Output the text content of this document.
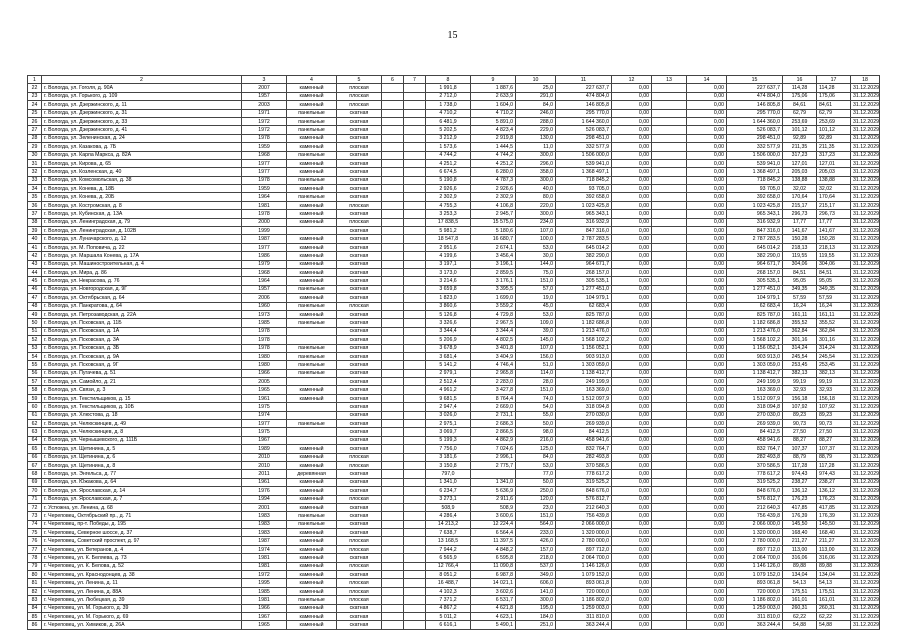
15
1	2	3	4	5	6	7	8	9	10	11	12	13	14	15	16	17	18
22	г. Вологда, ул. Гоголя, д. 90А	2007	каменный	плоская			1 991,8	1 887,6	25,0	227 637,7	0,00		0,00	227 637,7	114,28	114,28	31.12.2029
23	г. Вологда, ул. Горького, д. 109	1957	каменный	плоская			2 712,0	2 633,9	291,0	474 804,0	0,00		0,00	474 804,0	175,06	175,06	31.12.2029
24	г. Вологда, ул. Дзержинского, д. 11	2003	каменный	плоская			1 738,0	1 604,0	84,0	146 805,8	0,00		0,00	146 805,8	84,61	84,61	31.12.2029
25	г. Вологда, ул. Дзержинского, д. 31	1971	панельные	скатная			4 710,2	4 710,2	246,0	295 770,0	0,00		0,00	295 770,0	62,79	62,79	31.12.2029
26	г. Вологда, ул. Дзержинского, д. 33	1972	панельные	скатная			6 481,9	5 891,0	288,0	1 644 360,0	0,00		0,00	1 644 360,0	253,69	253,69	31.12.2029
27	г. Вологда, ул. Дзержинского, д. 41	1972	панельные	скатная			5 202,5	4 823,4	229,0	526 083,7	0,00		0,00	526 083,7	101,12	101,12	31.12.2029
28	г. Вологда, ул. Зеленинская, д. 24	1978	каменный	скатная			3 212,9	2 919,8	130,0	298 451,0	0,00		0,00	298 451,0	92,89	92,89	31.12.2029
29	г. Вологда, ул. Казакова, д. 7Б	1959	каменный	скатная			1 573,6	1 444,5	11,0	332 577,9	0,00		0,00	332 577,9	211,35	211,35	31.12.2029
30	г. Вологда, ул. Карла Маркса, д. 82А	1968	панельные	скатная			4 744,2	4 744,2	300,0	1 506 000,0	0,00		0,00	1 506 000,0	317,23	317,23	31.12.2029
31	г. Вологда, ул. Кирова, д. 65	1977	каменный	скатная			4 251,2	4 251,2	296,0	539 941,0	0,00		0,00	539 941,0	127,01	127,01	31.12.2029
32	г. Вологда, ул. Козленская, д. 40	1977	каменный	скатная			6 674,5	6 280,0	358,0	1 368 497,1	0,00		0,00	1 368 497,1	205,03	205,03	31.12.2029
33	г. Вологда, ул. Комсомольская, д. 38	1978	панельные	скатная			5 190,8	4 787,3	300,0	718 845,2	0,00		0,00	718 845,2	138,88	138,88	31.12.2029
34	г. Вологда, ул. Конева, д. 18Б	1959	каменный	скатная			2 926,6	2 926,6	40,0	93 705,0	0,00		0,00	93 705,0	32,02	32,02	31.12.2029
35	г. Вологда, ул. Конева, д. 20Б	1964	панельные	скатная			2 302,9	2 302,9	80,0	392 658,0	0,00		0,00	392 658,0	170,64	170,64	31.12.2029
36	г. Вологда, ул. Костромская, д. 8	1981	каменный	плоская			4 755,3	4 106,8	220,0	1 023 425,8	0,00		0,00	1 023 425,8	215,17	215,17	31.12.2029
37	г. Вологда, ул. Кубинская, д. 13А	1978	каменный	скатная			3 253,3	2 945,7	300,0	965 343,1	0,00		0,00	965 343,1	296,73	296,73	31.12.2029
38	г. Вологда, ул. Ленинградская, д. 79	2000	каменный	плоская			17 838,5	15 575,0	234,0	316 932,9	0,00		0,00	316 932,9	17,77	17,77	31.12.2029
39	г. Вологда, ул. Ленинградская, д. 102В	1999		скатная			5 981,2	5 180,6	107,0	847 316,0	0,00		0,00	847 316,0	141,67	141,67	31.12.2029
40	г. Вологда, ул. Луначарского, д. 12	1987	каменный	скатная			18 547,8	16 680,7	100,0	2 787 283,5	0,00		0,00	2 787 283,5	150,28	150,28	31.12.2029
41	г. Вологда, ул. М. Поповича, д. 22	1977	каменный	скатная			2 951,6	2 674,1	53,0	645 014,2	0,00		0,00	645 014,2	218,13	218,13	31.12.2029
42	г. Вологда, ул. Маршала Конева, д. 17А	1986	каменный	скатная			4 199,6	3 456,4	30,0	382 290,0	0,00		0,00	382 290,0	119,55	119,55	31.12.2029
43	г. Вологда, ул. Машиностроительная, д. 4	1979	каменный	скатная			3 197,1	3 196,1	144,0	964 671,7	0,00		0,00	964 671,7	304,06	304,06	31.12.2029
44	г. Вологда, ул. Мира, д. 86	1968	каменный	скатная			3 173,0	2 859,5	75,0	268 157,0	0,00		0,00	268 157,0	84,51	84,51	31.12.2029
45	г. Вологда, ул. Некрасова, д. 76	1964	каменный	скатная			3 214,6	3 176,1	151,0	305 535,1	0,00		0,00	305 535,1	95,05	95,05	31.12.2029
46	г. Вологда, ул. Новгородская, д. 9Г	1957	панельные	скатная			3 659,8	3 395,5	57,0	1 277 451,0	0,00		0,00	1 277 451,0	349,35	349,35	31.12.2029
47	г. Вологда, ул. Октябрьская, д. 64	2006	каменный	скатная			1 823,0	1 699,0	19,0	104 979,1	0,00		0,00	104 979,1	57,59	57,59	31.12.2029
48	г. Вологда, ул. Панкратова, д. 64	1960	панельные	плоская			3 860,6	3 559,2	45,0	62 683,4	0,00		0,00	62 683,4	16,24	16,24	31.12.2029
49	г. Вологда, ул. Петрозаводская, д. 22А	1973	каменный	скатная			5 126,8	4 729,8	53,0	825 787,0	0,00		0,00	825 787,0	161,11	161,11	31.12.2029
50	г. Вологда, ул. Псковская, д. 11Б	1985	панельные	скатная			3 326,6	2 967,5	109,0	1 182 686,8	0,00		0,00	1 182 686,8	355,52	355,52	31.12.2029
51	г. Вологда, ул. Псковская, д. 1А	1978		скатная			3 344,4	3 344,4	39,0	1 213 476,0	0,00		0,00	1 213 476,0	362,84	362,84	31.12.2029
52	г. Вологда, ул. Псковская, д. 3А	1978		скатная			5 206,9	4 802,5	145,0	1 568 102,2	0,00		0,00	1 568 102,2	301,16	301,16	31.12.2029
53	г. Вологда, ул. Псковская, д. 3Б	1978	панельные	скатная			3 678,9	3 401,8	107,0	1 156 052,1	0,00		0,00	1 156 052,1	314,24	314,24	31.12.2029
54	г. Вологда, ул. Псковская, д. 9А	1980	панельные	скатная			3 681,4	3 404,9	156,0	903 913,0	0,00		0,00	903 913,0	245,54	245,54	31.12.2029
55	г. Вологда, ул. Псковская, д. 9Г	1980	панельные	скатная			5 141,2	4 746,4	51,0	1 303 059,0	0,00		0,00	1 303 059,0	253,45	253,45	31.12.2029
56	г. Вологда, ул. Пугачева, д. 51	1966	панельные	скатная			2 979,1	2 965,8	114,0	1 138 412,7	0,00		0,00	1 138 412,7	382,13	382,13	31.12.2029
57	г. Вологда, ул. Самойло, д. 21	2005		скатная			2 512,4	2 283,0	28,0	249 199,9	0,00		0,00	249 199,9	99,19	99,19	31.12.2029
58	г. Вологда, ул. Связи, д. 3	1965	каменный	скатная			4 961,2	3 427,8	151,0	163 369,0	0,00		0,00	163 369,0	32,93	32,93	31.12.2029
59	г. Вологда, ул. Текстильщиков, д. 15	1961	каменный	скатная			9 681,5	8 764,4	74,0	1 512 097,9	0,00		0,00	1 512 097,9	156,18	156,18	31.12.2029
60	г. Вологда, ул. Текстильщиков, д. 10Б	1975		скатная			2 947,4	2 669,0	54,0	318 094,8	0,00		0,00	318 094,8	107,92	107,92	31.12.2029
61	г. Вологда, ул. Хлюстова, д. 18	1974		скатная			3 026,0	2 731,1	55,0	270 030,0	0,00		0,00	270 030,0	89,23	89,23	31.12.2029
62	г. Вологда, ул. Челюскинцев, д. 49	1977	панельные	скатная			2 975,1	2 686,3	50,0	269 939,0	0,00		0,00	269 939,0	90,73	90,73	31.12.2029
63	г. Вологда, ул. Челюскинцев, д. 8	1975		скатная			3 069,7	2 866,5	98,0	84 412,5	0,00		0,00	84 412,5	27,50	27,50	31.12.2029
64	г. Вологда, ул. Чернышевского, д. 111Б	1967		скатная			5 199,3	4 862,9	216,0	458 941,6	0,00		0,00	458 941,6	88,27	88,27	31.12.2029
65	г. Вологда, ул. Щетинина, д. 5	1989	каменный	скатная			7 756,0	7 024,6	125,0	832 764,7	0,00		0,00	832 764,7	107,37	107,37	31.12.2029
66	г. Вологда, ул. Щетинина, д. 6	2010	каменный	плоская			3 181,6	2 996,1	84,0	282 493,8	0,00		0,00	282 493,8	88,79	88,79	31.12.2029
67	г. Вологда, ул. Щетинина, д. 8	2010	каменный	плоская			3 150,8	2 775,7	53,0	370 586,5	0,00		0,00	370 586,5	117,28	117,28	31.12.2029
68	г. Вологда, ул. Энгельса, д. 77	2011	деревянная	скатная			797,0		77,0	778 617,2	0,00		0,00	778 617,2	974,43	974,43	31.12.2029
69	г. Вологда, ул. Южакова, д. 64	1961	каменный	скатная			1 341,0	1 341,0	50,0	319 525,2	0,00		0,00	319 525,2	238,27	238,27	31.12.2029
70	г. Вологда, ул. Ярославская, д. 14	1976	каменный	скатная			6 234,7	5 636,9	250,0	848 676,0	0,00		0,00	848 676,0	136,12	136,12	31.12.2029
71	г. Вологда, ул. Ярославская, д. 7	1994	каменный	плоская			3 273,1	2 911,6	120,0	576 812,7	0,00		0,00	576 812,7	176,23	176,23	31.12.2029
72	г. Устюжна, ул. Ленина, д. 68	2001	каменный	скатная			508,9	508,9	23,0	212 640,3	0,00		0,00	212 640,3	417,85	417,85	31.12.2029
73	г. Череповец, Октябрьский пр., д. 71	1983	панельные	скатная			4 286,4	3 600,6	151,0	756 439,8	0,00		0,00	756 439,8	176,39	176,39	31.12.2029
74	г. Череповец, пр-т. Победы, д. 195	1983	панельные	скатная			14 213,2	12 224,4	564,0	2 066 000,0	0,00		0,00	2 066 000,0	145,50	145,50	31.12.2029
75	г. Череповец, Северное шоссе, д. 37	1983	каменный	скатная			7 638,7	6 564,4	233,0	1 320 000,0	0,00		0,00	1 320 000,0	168,40	168,40	31.12.2029
76	г. Череповец, Советский проспект, д. 97	1987	каменный	плоская			13 168,5	11 397,5	426,0	2 780 000,0	0,00		0,00	2 780 000,0	211,27	211,27	31.12.2029
77	г. Череповец, ул. Ветеранов, д. 4	1974	каменный	плоская			7 944,2	4 848,2	157,0	897 712,0	0,00		0,00	897 712,0	113,00	113,00	31.12.2029
78	г. Череповец, ул. К. Беляева, д. 73	1981	каменный	скатная			6 565,9	6 595,8	218,0	2 064 700,0	0,00		0,00	2 064 700,0	316,06	316,06	31.12.2029
79	г. Череповец, ул. К. Белова, д. 52	1981	каменный	плоская			12 766,4	11 090,8	537,0	1 146 126,0	0,00		0,00	1 146 126,0	89,88	89,88	31.12.2029
80	г. Череповец, ул. Краснодонцев, д. 38	1972	каменный	скатная			8 051,2	6 987,8	349,0	1 079 152,0	0,00		0,00	1 079 152,0	134,04	134,04	31.12.2029
81	г. Череповец, ул. Ленина, д. 11	1995	каменный	плоская			16 488,7	14 021,1	606,0	893 061,8	0,00		0,00	893 061,8	54,13	54,13	31.12.2029
82	г. Череповец, ул. Ленина, д. 88А	1985	каменный	плоская			4 102,3	3 602,6	141,0	720 000,0	0,00		0,00	720 000,0	175,51	175,51	31.12.2029
83	г. Череповец, ул. Любецкая, д. 39	1981	панельные	плоская			7 371,2	6 531,7	300,0	1 186 802,0	0,00		0,00	1 186 802,0	161,01	161,01	31.12.2029
84	г. Череповец, ул. М. Горького, д. 39	1966	каменный	скатная			4 867,2	4 621,8	195,0	1 259 003,0	0,00		0,00	1 259 003,0	260,31	260,31	31.12.2029
85	г. Череповец, ул. М. Горького, д. 69	1967	каменный	скатная			5 011,2	4 623,1	184,0	311 810,0	0,00		0,00	311 810,0	62,22	62,22	31.12.2029
86	г. Череповец, ул. Химиков, д. 26А	1965	каменный	скатная			6 616,1	5 490,1	251,0	363 244,4	0,00		0,00	363 244,4	54,88	54,88	31.12.2029
